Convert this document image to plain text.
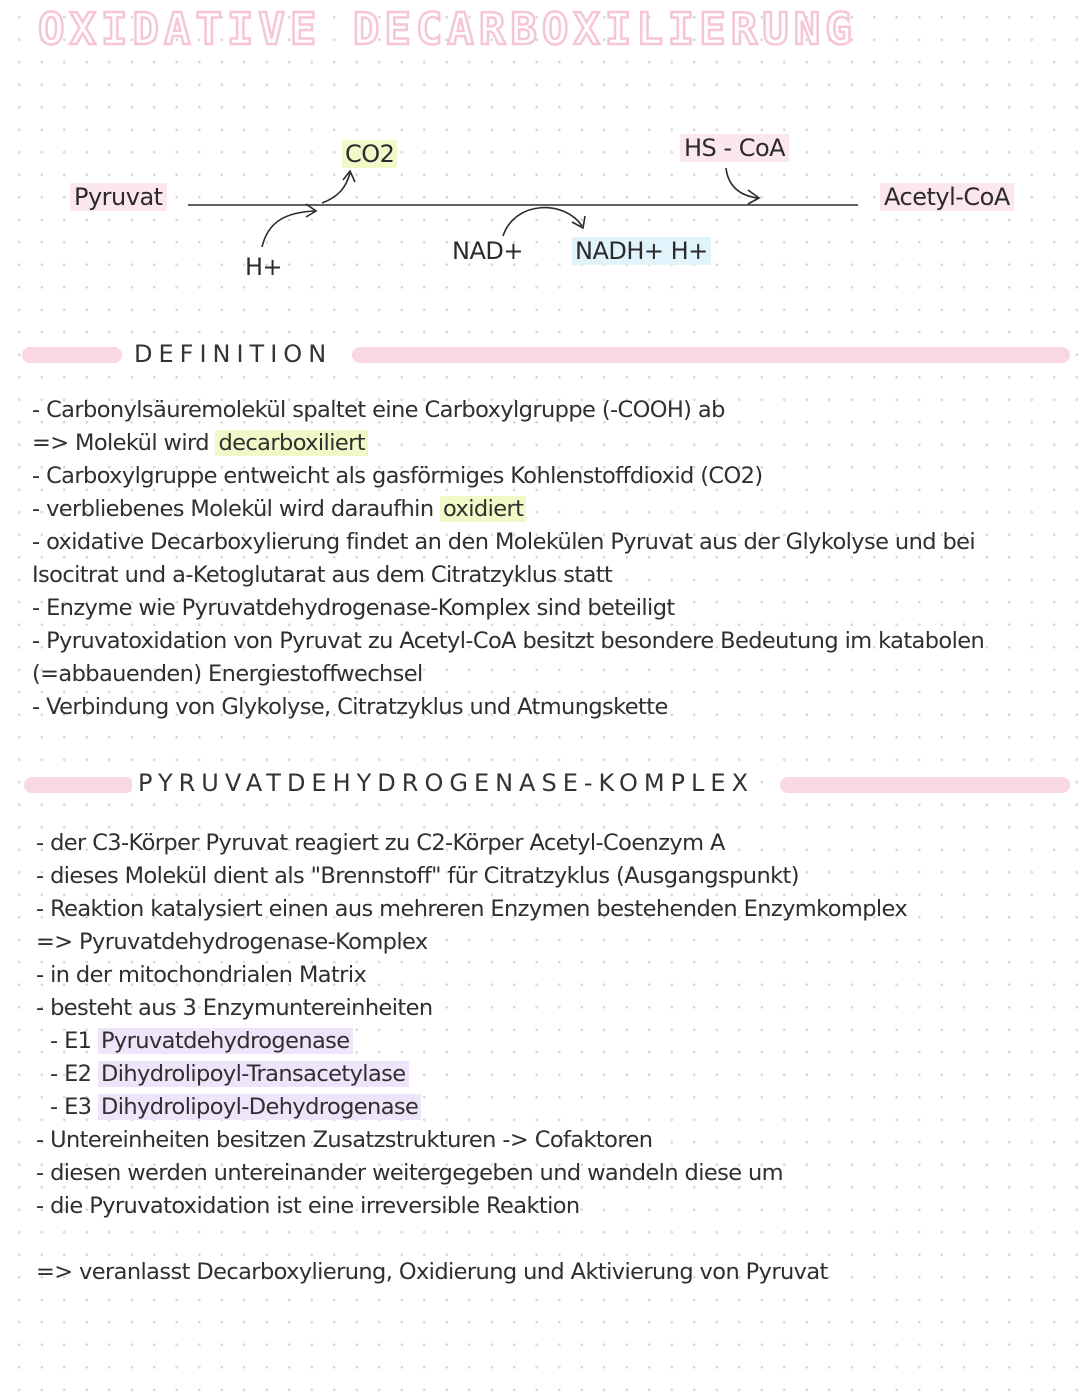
OXIDATIVE DECARBOXILIERUNG
Pyruvat	Acetyl-CoA
CO2
H+
NAD+ NADH+ H+
HS - CoA
DEFINITION
- Carbonylsäuremolekül spaltet eine Carboxylgruppe (-COOH) ab
=> Molekül wird decarboxiliert
- Carboxylgruppe entweicht als gasförmiges Kohlenstoffdioxid (CO2)
- verbliebenes Molekül wird daraufhin oxidiert
- oxidative Decarboxylierung findet an den Molekülen Pyruvat aus der Glykolyse und bei
Isocitrat und a-Ketoglutarat aus dem Citratzyklus statt
- Enzyme wie Pyruvatdehydrogenase-Komplex sind beteiligt
- Pyruvatoxidation von Pyruvat zu Acetyl-CoA besitzt besondere Bedeutung im katabolen
(=abbauenden) Energiestoffwechsel
- Verbindung von Glykolyse, Citratzyklus und Atmungskette
PYRUVATDEHYDROGENASE-KOMPLEX
- der C3-Körper Pyruvat reagiert zu C2-Körper Acetyl-Coenzym A
- dieses Molekül dient als "Brennstoff" für Citratzyklus (Ausgangspunkt)
- Reaktion katalysiert einen aus mehreren Enzymen bestehenden Enzymkomplex
=> Pyruvatdehydrogenase-Komplex
- in der mitochondrialen Matrix
- besteht aus 3 Enzymuntereinheiten
- E1 Pyruvatdehydrogenase
- E2 Dihydrolipoyl-Transacetylase
- E3 Dihydrolipoyl-Dehydrogenase
- Untereinheiten besitzen Zusatzstrukturen -> Cofaktoren
- diesen werden untereinander weitergegeben und wandeln diese um
- die Pyruvatoxidation ist eine irreversible Reaktion
=> veranlasst Decarboxylierung, Oxidierung und Aktivierung von Pyruvat
